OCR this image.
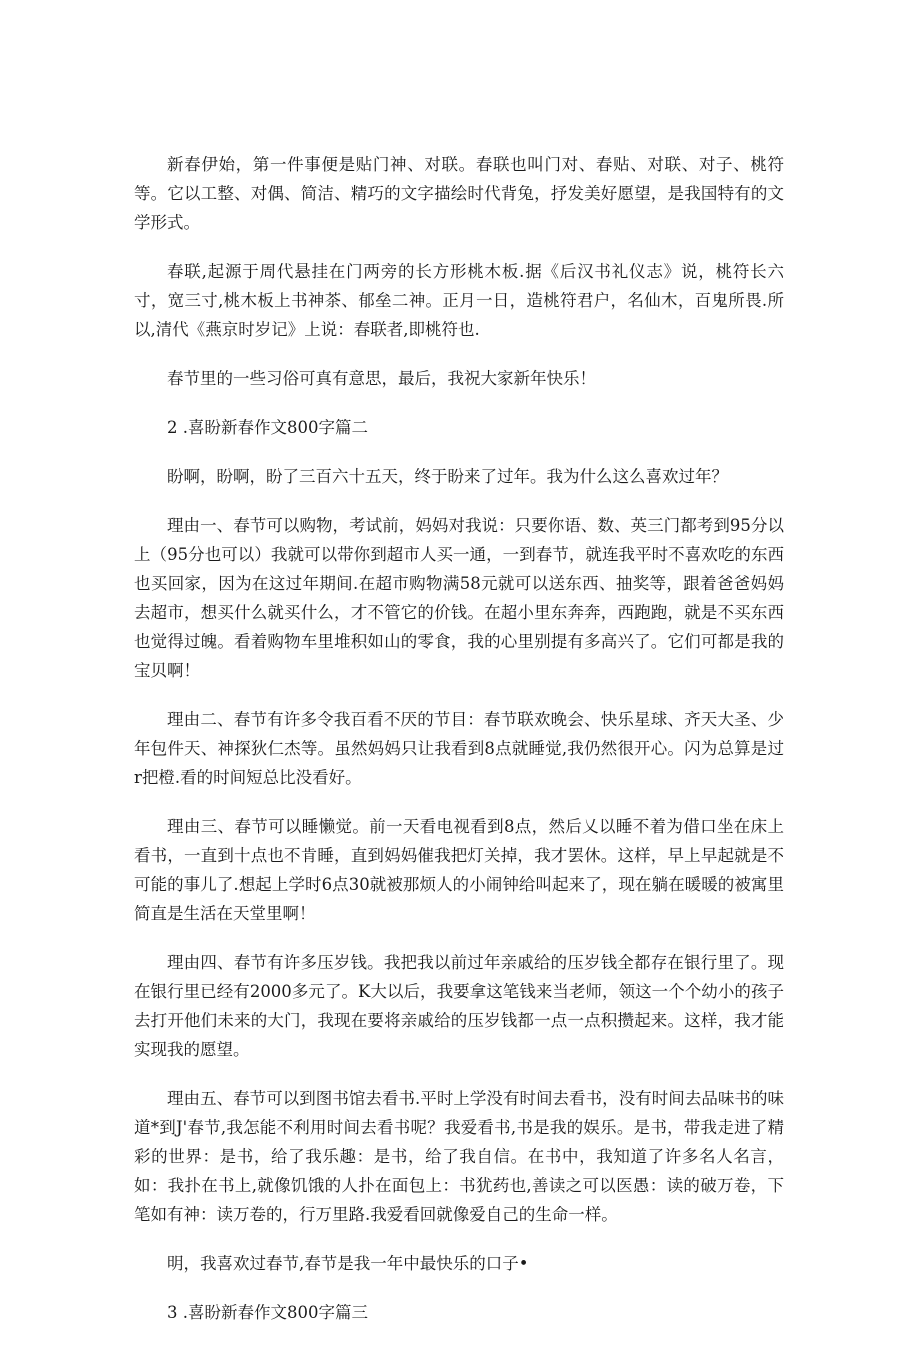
新春伊始，第一件事便是贴门神、对联。春联也叫门对、春贴、对联、对子、桃符等。它以工整、对偶、简洁、精巧的文字描绘时代背兔，抒发美好愿望，是我国特有的文学形式。

春联,起源于周代悬挂在门两旁的长方形桃木板.据《后汉书礼仪志》说，桃符长六寸，宽三寸,桃木板上书神茶、郁垒二神。正月一日，造桃符君户，名仙木，百鬼所畏.所以,清代《燕京时岁记》上说：春联者,即桃符也.

春节里的一些习俗可真有意思，最后，我祝大家新年快乐！

2 .喜盼新春作文800字篇二

盼啊，盼啊，盼了三百六十五天，终于盼来了过年。我为什么这么喜欢过年？

理由一、春节可以购物，考试前，妈妈对我说：只要你语、数、英三门都考到95分以上（95分也可以）我就可以带你到超市人买一通，一到春节，就连我平时不喜欢吃的东西也买回家，因为在这过年期间.在超市购物满58元就可以送东西、抽奖等，跟着爸爸妈妈去超市，想买什么就买什么，才不管它的价钱。在超小里东奔奔，西跑跑，就是不买东西也觉得过魄。看着购物车里堆积如山的零食，我的心里别提有多高兴了。它们可都是我的宝贝啊！

理由二、春节有许多令我百看不厌的节目：春节联欢晚会、快乐星球、齐天大圣、少年包件天、神探狄仁杰等。虽然妈妈只让我看到8点就睡觉,我仍然很开心。闪为总算是过r把橙.看的时间短总比没看好。

理由三、春节可以睡懒觉。前一天看电视看到8点，然后乂以睡不着为借口坐在床上看书，一直到十点也不肯睡，直到妈妈催我把灯关掉，我才罢休。这样，早上早起就是不可能的事儿了.想起上学时6点30就被那烦人的小闹钟给叫起来了，现在躺在暖暖的被寓里简直是生活在天堂里啊！

理由四、春节有许多压岁钱。我把我以前过年亲戚给的压岁钱全都存在银行里了。现在银行里已经有2000多元了。K大以后，我要拿这笔钱来当老师，领这一个个幼小的孩子去打开他们未来的大门，我现在要将亲戚给的压岁钱都一点一点积攒起来。这样，我才能实现我的愿望。

理由五、春节可以到图书馆去看书.平时上学没有时间去看书，没有时间去品味书的味道*到J'春节,我怎能不利用时间去看书呢？我爱看书,书是我的娱乐。是书，带我走进了精彩的世界：是书，给了我乐趣：是书，给了我自信。在书中，我知道了许多名人名言，如：我扑在书上,就像饥饿的人扑在面包上：书犹药也,善读之可以医愚：读的破万卷，下笔如有神：读万卷的，行万里路.我爱看回就像爱自己的生命一样。

明，我喜欢过春节,春节是我一年中最快乐的口子•

3 .喜盼新春作文800字篇三
